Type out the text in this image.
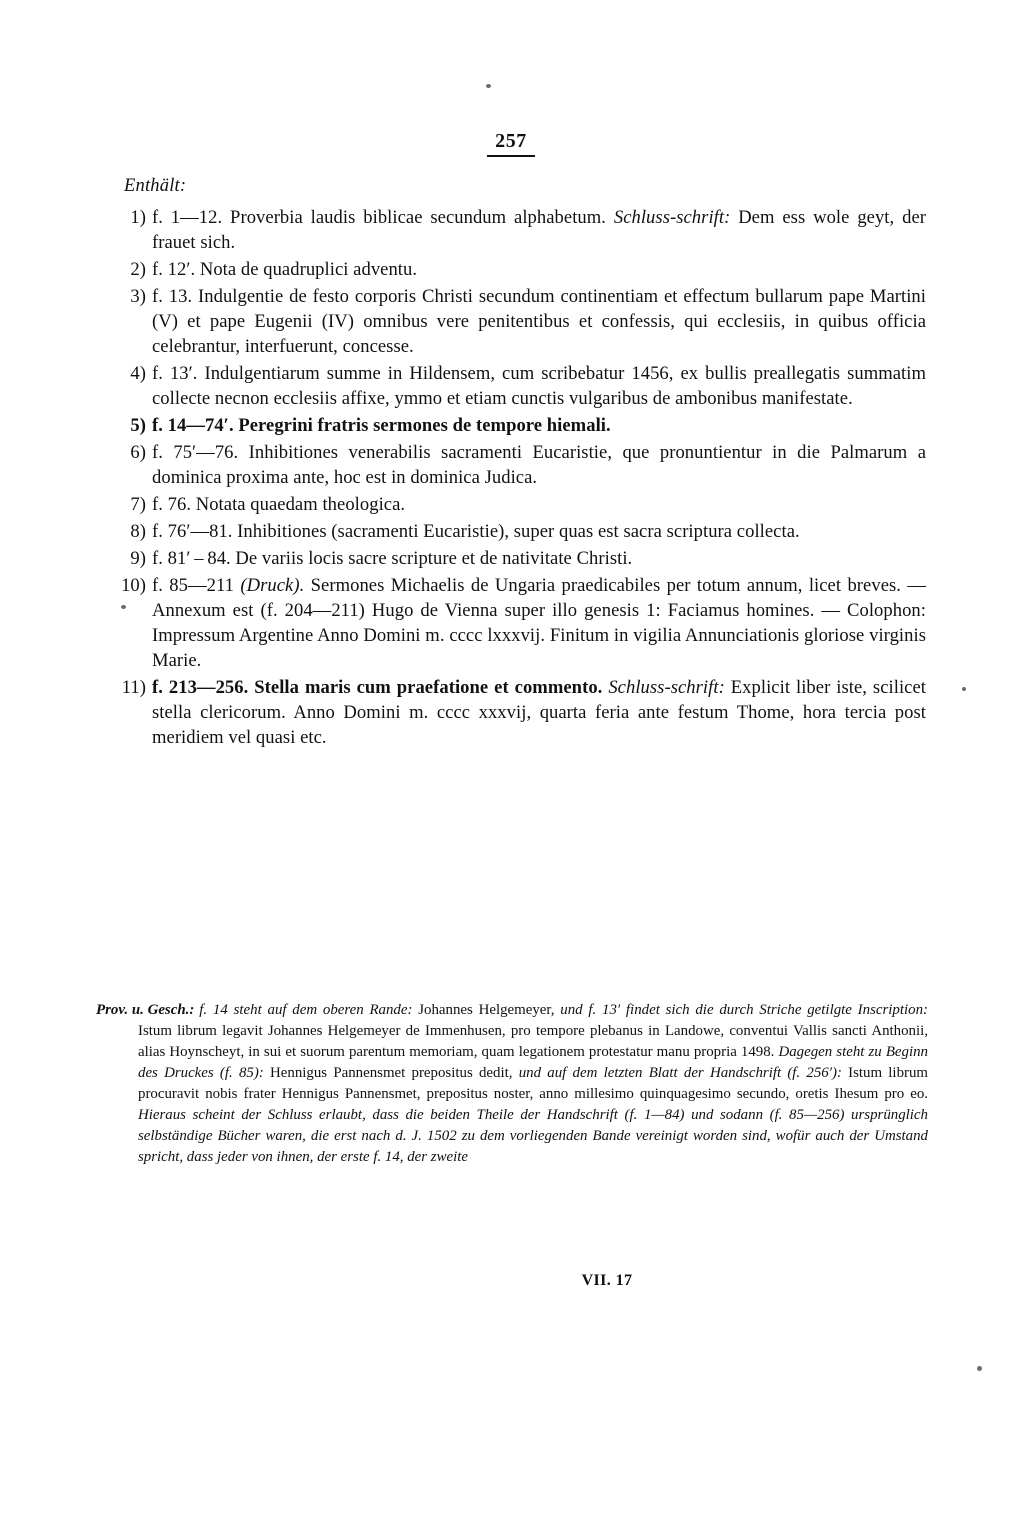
257

Enthält:

1) f. 1—12. Proverbia laudis biblicae secundum alphabetum. Schluss-schrift: Dem ess wole geyt, der frauet sich.
2) f. 12′. Nota de quadruplici adventu.
3) f. 13. Indulgentie de festo corporis Christi secundum continentiam et effectum bullarum pape Martini (V) et pape Eugenii (IV) omnibus vere penitentibus et confessis, qui ecclesiis, in quibus officia celebrantur, interfuerunt, concesse.
4) f. 13′. Indulgentiarum summe in Hildensem, cum scribebatur 1456, ex bullis preallegatis summatim collecte necnon ecclesiis affixe, ymmo et etiam cunctis vulgaribus de ambonibus manifestate.
5) f. 14—74′. Peregrini fratris sermones de tempore hiemali.
6) f. 75′—76. Inhibitiones venerabilis sacramenti Eucaristie, que pronuntientur in die Palmarum a dominica proxima ante, hoc est in dominica Judica.
7) f. 76. Notata quaedam theologica.
8) f. 76′—81. Inhibitiones (sacramenti Eucaristie), super quas est sacra scriptura collecta.
9) f. 81′ – 84. De variis locis sacre scripture et de nativitate Christi.
10) f. 85—211 (Druck). Sermones Michaelis de Ungaria praedicabiles per totum annum, licet breves. — Annexum est (f. 204—211) Hugo de Vienna super illo genesis 1: Faciamus homines. — Colophon: Impressum Argentine Anno Domini m. cccc lxxxvij. Finitum in vigilia Annunciationis gloriose virginis Marie.
11) f. 213—256. Stella maris cum praefatione et commento. Schluss-schrift: Explicit liber iste, scilicet stella clericorum. Anno Domini m. cccc xxxvij, quarta feria ante festum Thome, hora tercia post meridiem vel quasi etc.
Prov. u. Gesch.: f. 14 steht auf dem oberen Rande: Johannes Helgemeyer, und f. 13′ findet sich die durch Striche getilgte Inscription: Istum librum legavit Johannes Helgemeyer de Immenhusen, pro tempore plebanus in Landowe, conventui Vallis sancti Anthonii, alias Hoynscheyt, in sui et suorum parentum memoriam, quam legationem protestatur manu propria 1498. Dagegen steht zu Beginn des Druckes (f. 85): Hennigus Pannensmet prepositus dedit, und auf dem letzten Blatt der Handschrift (f. 256′): Istum librum procuravit nobis frater Hennigus Pannensmet, prepositus noster, anno millesimo quinquagesimo secundo, oretis Ihesum pro eo. Hieraus scheint der Schluss erlaubt, dass die beiden Theile der Handschrift (f. 1—84) und sodann (f. 85—256) ursprünglich selbständige Bücher waren, die erst nach d. J. 1502 zu dem vorliegenden Bande vereinigt worden sind, wofür auch der Umstand spricht, dass jeder von ihnen, der erste f. 14, der zweite
VII. 17
